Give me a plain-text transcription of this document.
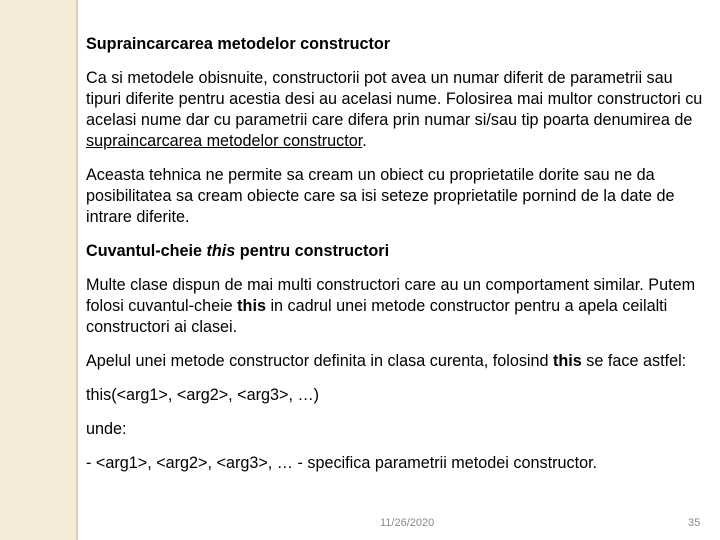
Supraincarcarea metodelor constructor

Ca si metodele obisnuite, constructorii pot avea un numar diferit de parametrii sau tipuri diferite pentru acestia desi au acelasi nume. Folosirea mai multor constructori cu acelasi nume dar cu parametrii care difera prin numar si/sau tip poarta denumirea de supraincarcarea metodelor constructor.

Aceasta tehnica ne permite sa cream un obiect cu proprietatile dorite sau ne da posibilitatea sa cream obiecte care sa isi seteze proprietatile pornind de la date de intrare diferite.

Cuvantul-cheie this pentru constructori

Multe clase dispun de mai multi constructori care au un comportament similar. Putem folosi cuvantul-cheie this in cadrul unei metode constructor pentru a apela ceilalti constructori ai clasei.

Apelul unei metode constructor definita in clasa curenta, folosind this se face astfel:

this(<arg1>, <arg2>, <arg3>, …)

unde:

- <arg1>, <arg2>, <arg3>, … - specifica parametrii metodei constructor.

11/26/2020	35
